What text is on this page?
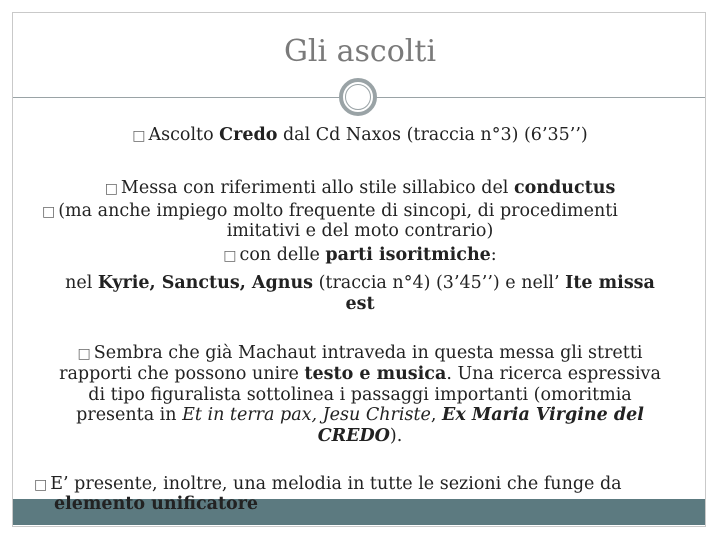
Gli ascolti
□ Ascolto Credo dal Cd Naxos (traccia n°3) (6’35’’)
□ Messa con riferimenti allo stile sillabico del conductus
□ (ma anche impiego molto frequente di sincopi, di procedimenti
imitativi e del moto contrario)
□ con delle parti isoritmiche:
nel Kyrie, Sanctus, Agnus (traccia n°4) (3’45’’) e nell’ Ite missa
est
□ Sembra che già Machaut intraveda in questa messa gli stretti
rapporti che possono unire testo e musica. Una ricerca espressiva
di tipo figuralista sottolinea i passaggi importanti (omoritmia
presenta in Et in terra pax, Jesu Christe, Ex Maria Virgine del
CREDO).
□ E’ presente, inoltre, una melodia in tutte le sezioni che funge da
elemento unificatore
